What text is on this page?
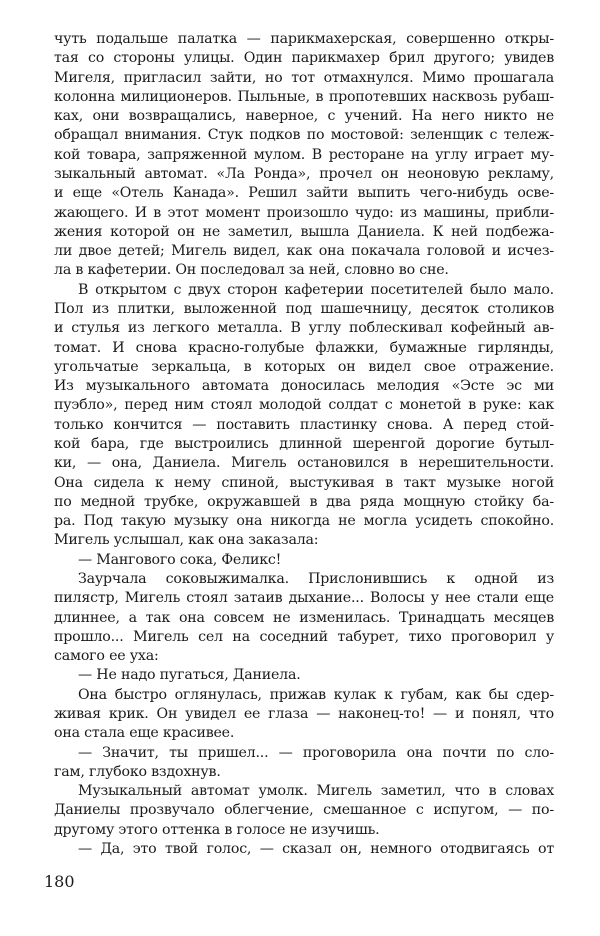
чуть подальше палатка — парикмахерская, совершенно откры-
тая со стороны улицы. Один парикмахер брил другого; увидев
Мигеля, пригласил зайти, но тот отмахнулся. Мимо прошагала
колонна милиционеров. Пыльные, в пропотевших насквозь рубаш-
ках, они возвращались, наверное, с учений. На него никто не
обращал внимания. Стук подков по мостовой: зеленщик с тележ-
кой товара, запряженной мулом. В ресторане на углу играет му-
зыкальный автомат. «Ла Ронда», прочел он неоновую рекламу,
и еще «Отель Канада». Решил зайти выпить чего-нибудь осве-
жающего. И в этот момент произошло чудо: из машины, прибли-
жения которой он не заметил, вышла Даниела. К ней подбежа-
ли двое детей; Мигель видел, как она покачала головой и исчез-
ла в кафетерии. Он последовал за ней, словно во сне.
В открытом с двух сторон кафетерии посетителей было мало.
Пол из плитки, выложенной под шашечницу, десяток столиков
и стулья из легкого металла. В углу поблескивал кофейный ав-
томат. И снова красно-голубые флажки, бумажные гирлянды,
угольчатые зеркальца, в которых он видел свое отражение.
Из музыкального автомата доносилась мелодия «Эсте эс ми
пуэбло», перед ним стоял молодой солдат с монетой в руке: как
только кончится — поставить пластинку снова. А перед стой-
кой бара, где выстроились длинной шеренгой дорогие бутыл-
ки, — она, Даниела. Мигель остановился в нерешительности.
Она сидела к нему спиной, выстукивая в такт музыке ногой
по медной трубке, окружавшей в два ряда мощную стойку ба-
ра. Под такую музыку она никогда не могла усидеть спокойно.
Мигель услышал, как она заказала:
— Мангового сока, Феликс!
Заурчала соковыжималка. Прислонившись к одной из
пилястр, Мигель стоял затаив дыхание... Волосы у нее стали еще
длиннее, а так она совсем не изменилась. Тринадцать месяцев
прошло... Мигель сел на соседний табурет, тихо проговорил у
самого ее уха:
— Не надо пугаться, Даниела.
Она быстро оглянулась, прижав кулак к губам, как бы сдер-
живая крик. Он увидел ее глаза — наконец-то! — и понял, что
она стала еще красивее.
— Значит, ты пришел... — проговорила она почти по сло-
гам, глубоко вздохнув.
Музыкальный автомат умолк. Мигель заметил, что в словах
Даниелы прозвучало облегчение, смешанное с испугом, — по-
другому этого оттенка в голосе не изучишь.
— Да, это твой голос, — сказал он, немного отодвигаясь от
180
